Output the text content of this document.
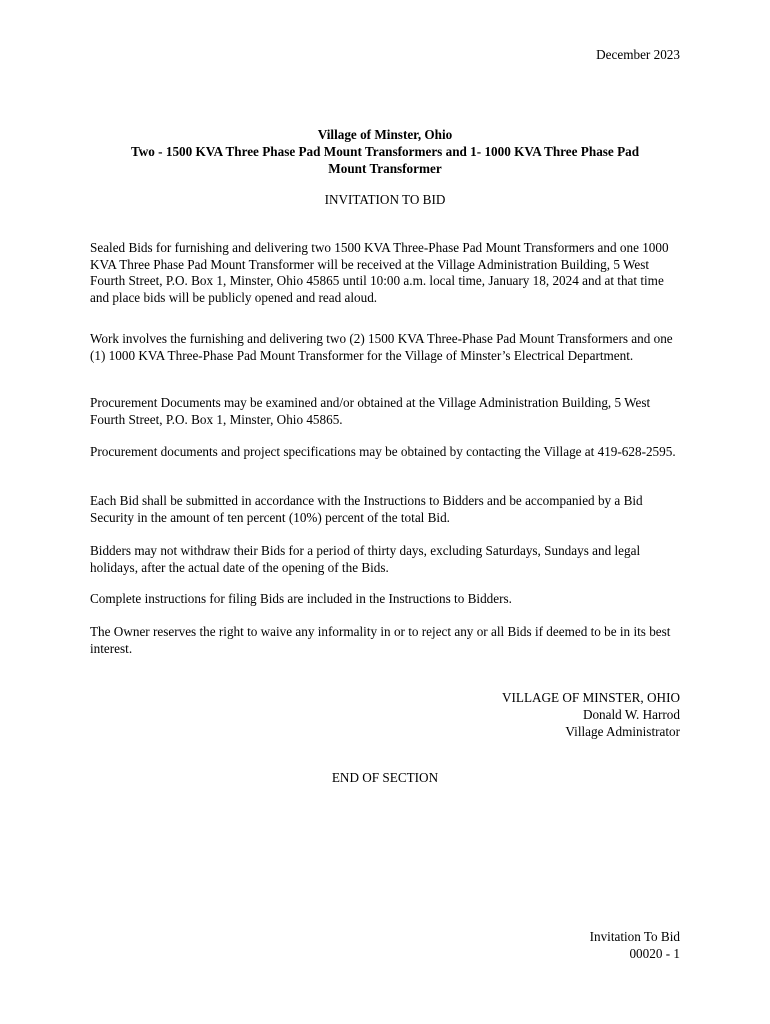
December 2023
Village of Minster, Ohio
Two - 1500 KVA Three Phase Pad Mount Transformers and 1- 1000 KVA Three Phase Pad
Mount Transformer
INVITATION TO BID

Sealed Bids for furnishing and delivering two 1500 KVA Three-Phase Pad Mount Transformers and one 1000 KVA Three Phase Pad Mount Transformer will be received at the Village Administration Building, 5 West Fourth Street, P.O. Box 1, Minster, Ohio 45865 until 10:00 a.m. local time, January 18, 2024 and at that time and place bids will be publicly opened and read aloud.

Work involves the furnishing and delivering two (2) 1500 KVA Three-Phase Pad Mount Transformers and one (1) 1000 KVA Three-Phase Pad Mount Transformer for the Village of Minster’s Electrical Department.

Procurement Documents may be examined and/or obtained at the Village Administration Building, 5 West Fourth Street, P.O. Box 1, Minster, Ohio 45865.

Procurement documents and project specifications may be obtained by contacting the Village at 419-628-2595.

Each Bid shall be submitted in accordance with the Instructions to Bidders and be accompanied by a Bid Security in the amount of ten percent (10%) percent of the total Bid.

Bidders may not withdraw their Bids for a period of thirty days, excluding Saturdays, Sundays and legal holidays, after the actual date of the opening of the Bids.

Complete instructions for filing Bids are included in the Instructions to Bidders.

The Owner reserves the right to waive any informality in or to reject any or all Bids if deemed to be in its best interest.

VILLAGE OF MINSTER, OHIO
Donald W. Harrod
Village Administrator
END OF SECTION
Invitation To Bid
00020 - 1
